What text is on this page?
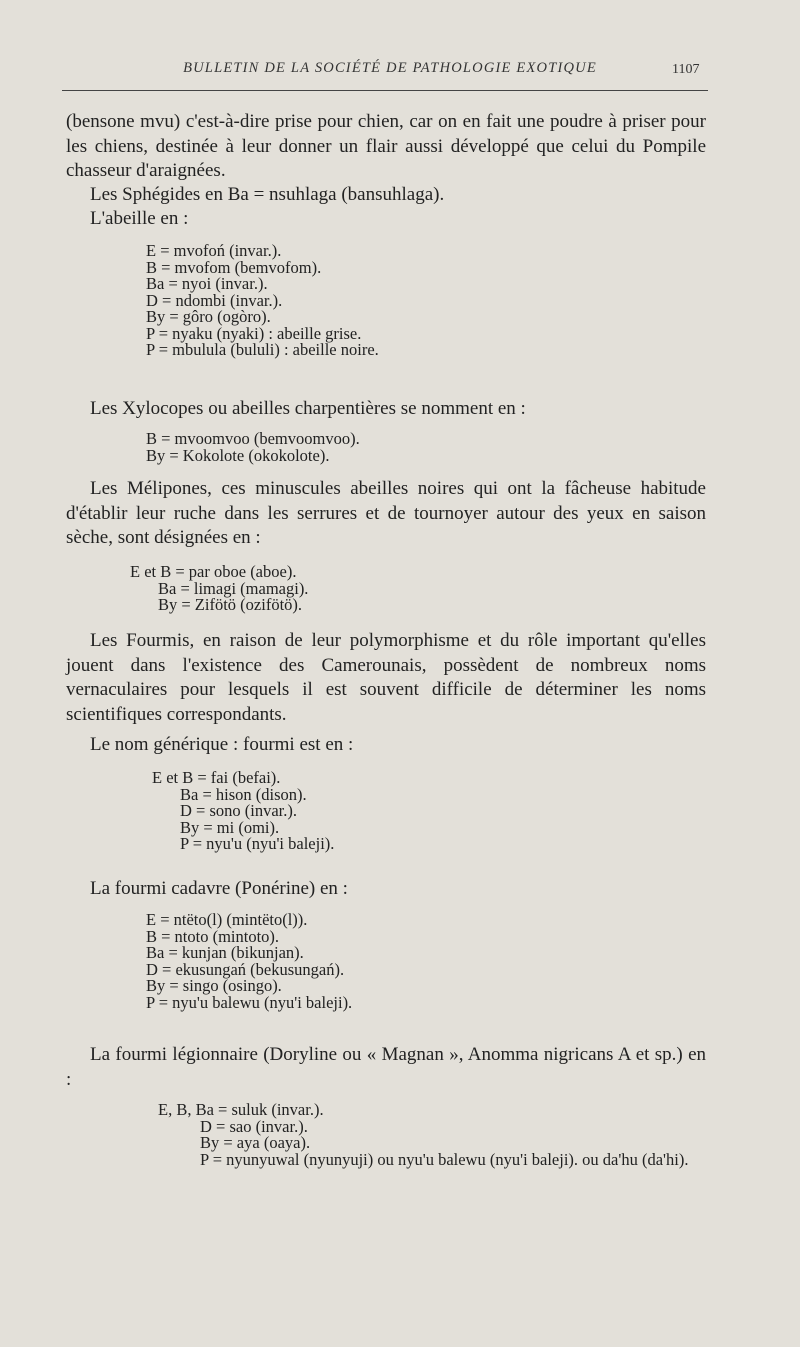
BULLETIN DE LA SOCIÉTÉ DE PATHOLOGIE EXOTIQUE	1107
(bensone mvu) c'est-à-dire prise pour chien, car on en fait une poudre à priser pour les chiens, destinée à leur donner un flair aussi développé que celui du Pompile chasseur d'araignées.
Les Sphégides en Ba = nsuhlaga (bansuhlaga).
L'abeille en :
E = mvofoń (invar.).
B = mvofom (bemvofom).
Ba = nyoi (invar.).
D = ndombi (invar.).
By = gôro (ogòro).
P = nyaku (nyaki) : abeille grise.
P = mbulula (bululi) : abeille noire.
Les Xylocopes ou abeilles charpentières se nomment en :
B = mvoomvoo (bemvoomvoo).
By = Kokolote (okokolote).
Les Mélipones, ces minuscules abeilles noires qui ont la fâcheuse habitude d'établir leur ruche dans les serrures et de tournoyer autour des yeux en saison sèche, sont désignées en :
E et B = par oboe (aboe).
Ba = limagi (mamagi).
By = Zifötö (ozifötö).
Les Fourmis, en raison de leur polymorphisme et du rôle important qu'elles jouent dans l'existence des Camerounais, possèdent de nombreux noms vernaculaires pour lesquels il est souvent difficile de déterminer les noms scientifiques correspondants.
Le nom générique : fourmi est en :
E et B = fai (befai).
Ba = hison (dison).
D = sono (invar.).
By = mi (omi).
P = nyu'u (nyu'i baleji).
La fourmi cadavre (Ponérine) en :
E = ntëto(l) (mintëto(l)).
B = ntoto (mintoto).
Ba = kunjan (bikunjan).
D = ekusungań (bekusungań).
By = singo (osingo).
P = nyu'u balewu (nyu'i baleji).
La fourmi légionnaire (Doryline ou « Magnan », Anomma nigricans A et sp.) en :
E, B, Ba = suluk (invar.).
D = sao (invar.).
By = aya (oaya).
P = nyunyuwal (nyunyuji) ou nyu'u balewu (nyu'i baleji). ou da'hu (da'hi).
